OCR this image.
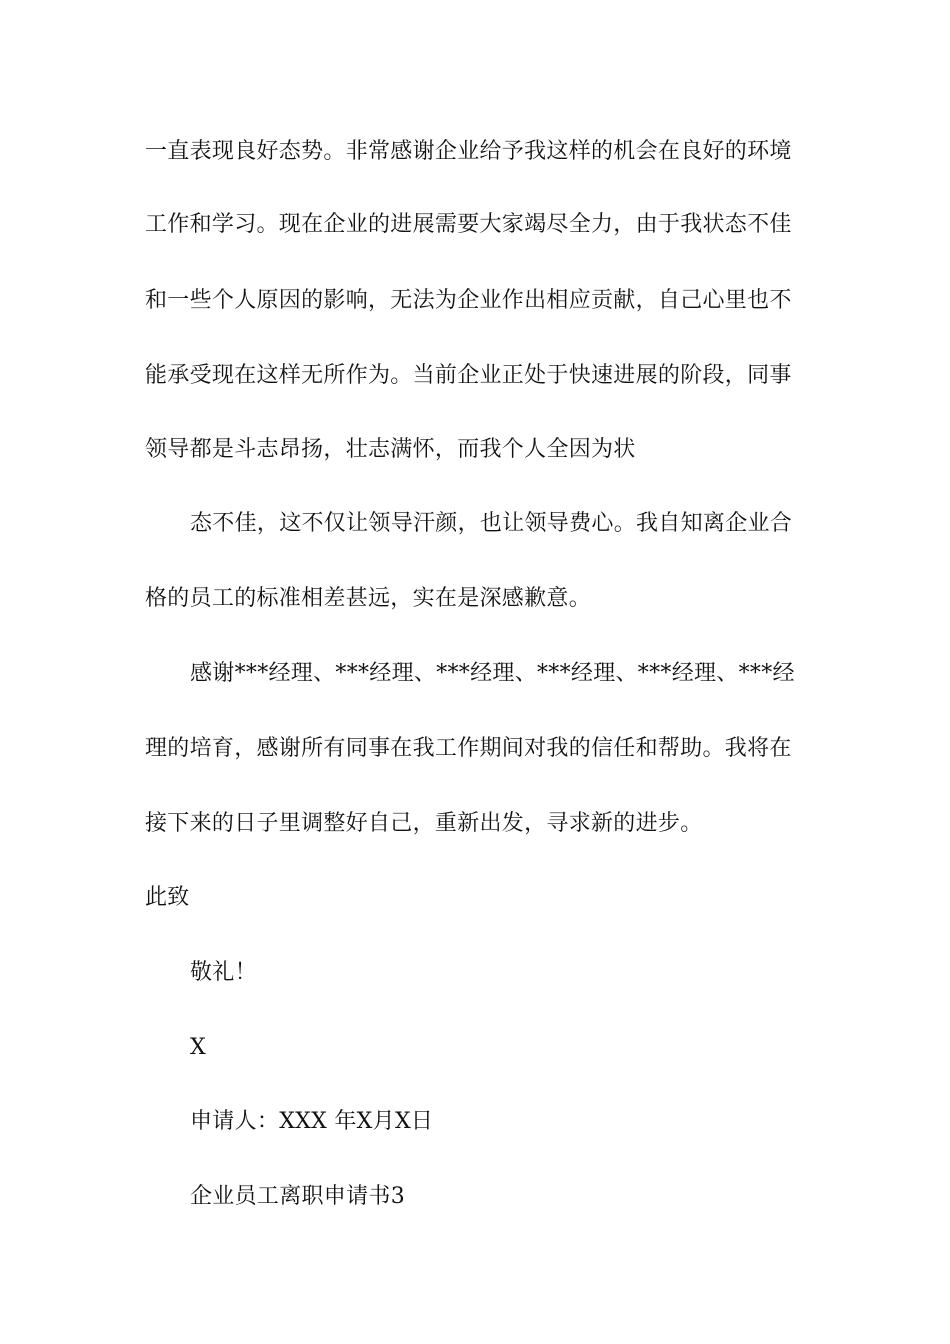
一直表现良好态势。非常感谢企业给予我这样的机会在良好的环境
工作和学习。现在企业的进展需要大家竭尽全力，由于我状态不佳
和一些个人原因的影响，无法为企业作出相应贡献，自己心里也不
能承受现在这样无所作为。当前企业正处于快速进展的阶段，同事
领导都是斗志昂扬，壮志满怀，而我个人全因为状
态不佳，这不仅让领导汗颜，也让领导费心。我自知离企业合
格的员工的标准相差甚远，实在是深感歉意。
感谢***经理、***经理、***经理、***经理、***经理、***经
理的培育，感谢所有同事在我工作期间对我的信任和帮助。我将在
接下来的日子里调整好自己，重新出发，寻求新的进步。
此致
敬礼！
X
申请人：XXX 年X月X日
企业员工离职申请书3
